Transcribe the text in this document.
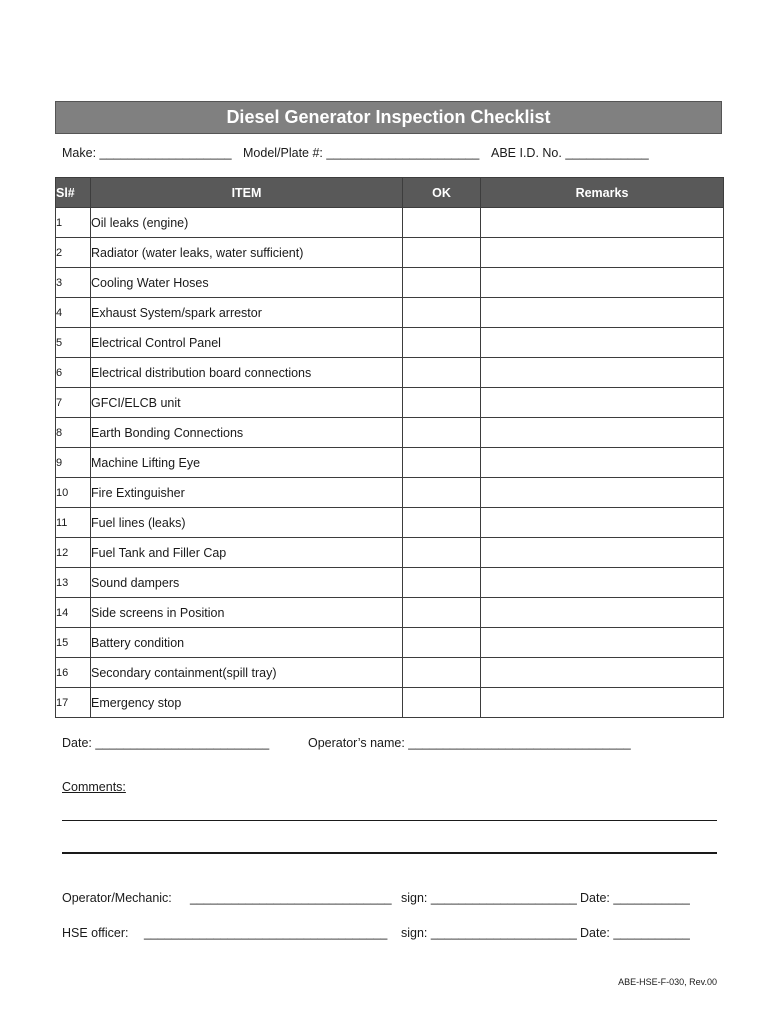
Diesel Generator Inspection Checklist
Make: ___________________ Model/Plate #: ______________________ ABE I.D. No. ____________
Sl#	ITEM	OK	Remarks
1	Oil leaks (engine)		
2	Radiator (water leaks, water sufficient)		
3	Cooling Water Hoses		
4	Exhaust System/spark arrestor		
5	Electrical Control Panel		
6	Electrical distribution board connections		
7	GFCI/ELCB unit		
8	Earth Bonding Connections		
9	Machine Lifting Eye		
10	Fire Extinguisher		
11	Fuel lines (leaks)		
12	Fuel Tank and Filler Cap		
13	Sound dampers		
14	Side screens in Position		
15	Battery condition		
16	Secondary containment(spill tray)		
17	Emergency stop		
Date: _________________________	Operator’s name: ________________________________
Comments:
Operator/Mechanic: _____________________________ sign: _____________________ Date: ___________
HSE officer: ___________________________________ sign: _____________________ Date: ___________
ABE-HSE-F-030, Rev.00
